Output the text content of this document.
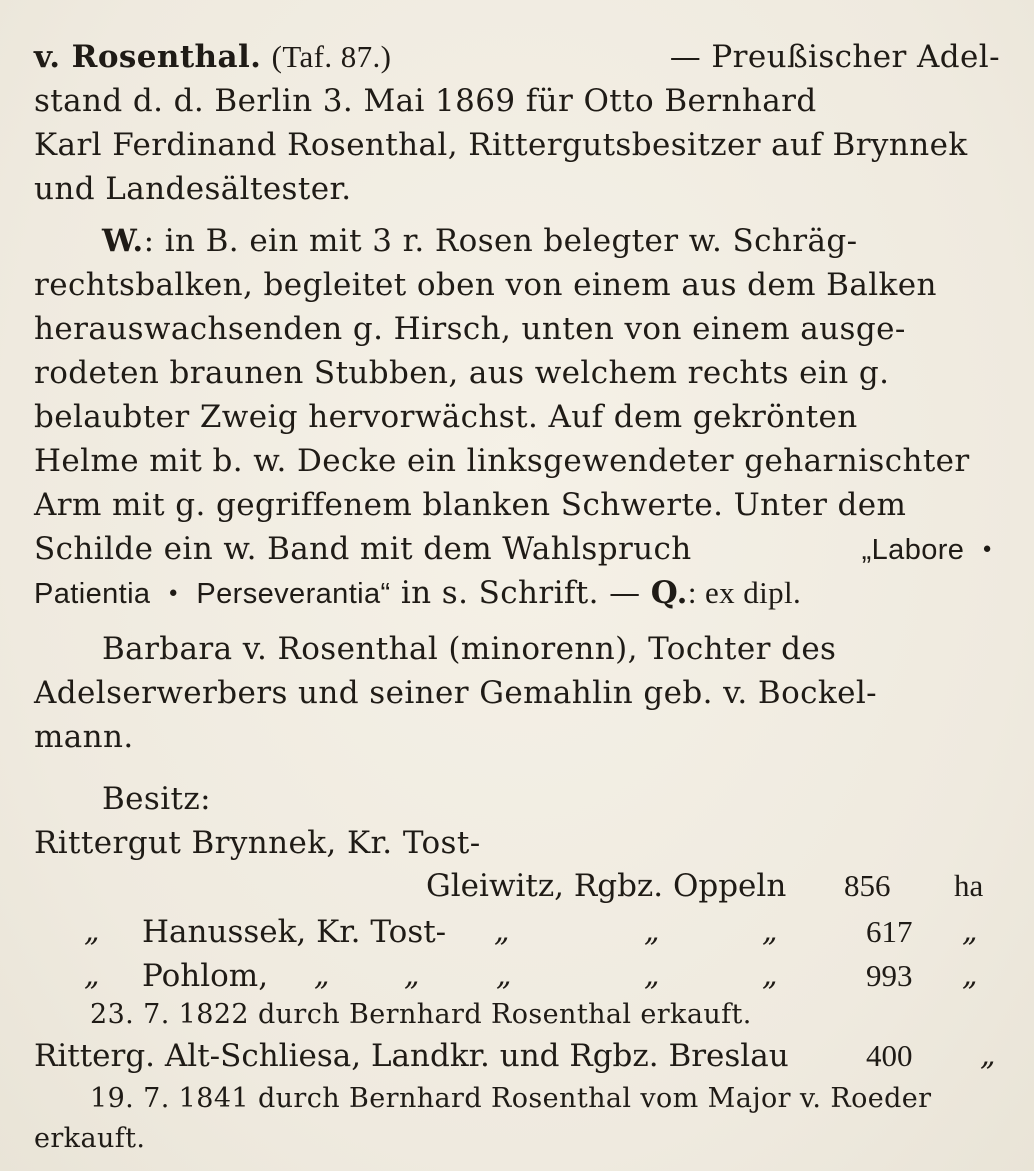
v. Rosenthal. (Taf. 87.)	— Preußischer Adel-
stand d. d. Berlin 3. Mai 1869 für Otto Bernhard
Karl Ferdinand Rosenthal, Rittergutsbesitzer auf Brynnek
und Landesältester.
W.: in B. ein mit 3 r. Rosen belegter w. Schräg-
rechtsbalken, begleitet oben von einem aus dem Balken
herauswachsenden g. Hirsch, unten von einem ausge-
rodeten braunen Stubben, aus welchem rechts ein g.
belaubter Zweig hervorwächst. Auf dem gekrönten
Helme mit b. w. Decke ein linksgewendeter geharnischter
Arm mit g. gegriffenem blanken Schwerte. Unter dem
Schilde ein w. Band mit dem Wahlspruch	„Labore •
Patientia • Perseverantia“ in s. Schrift. — Q.: ex dipl.
Barbara v. Rosenthal (minorenn), Tochter des
Adelserwerbers und seiner Gemahlin geb. v. Bockel-
mann.
Besitz:
Rittergut Brynnek, Kr. Tost-
Gleiwitz, Rgbz. Oppeln 856 ha
„ Hanussek, Kr. Tost- „	„	„	617 „
„ Pohlom, „ „	„	„	„	993 „
23. 7. 1822 durch Bernhard Rosenthal erkauft.
Ritterg. Alt-Schliesa, Landkr. und Rgbz. Breslau 400 „
19. 7. 1841 durch Bernhard Rosenthal vom Major v. Roeder
erkauft.
